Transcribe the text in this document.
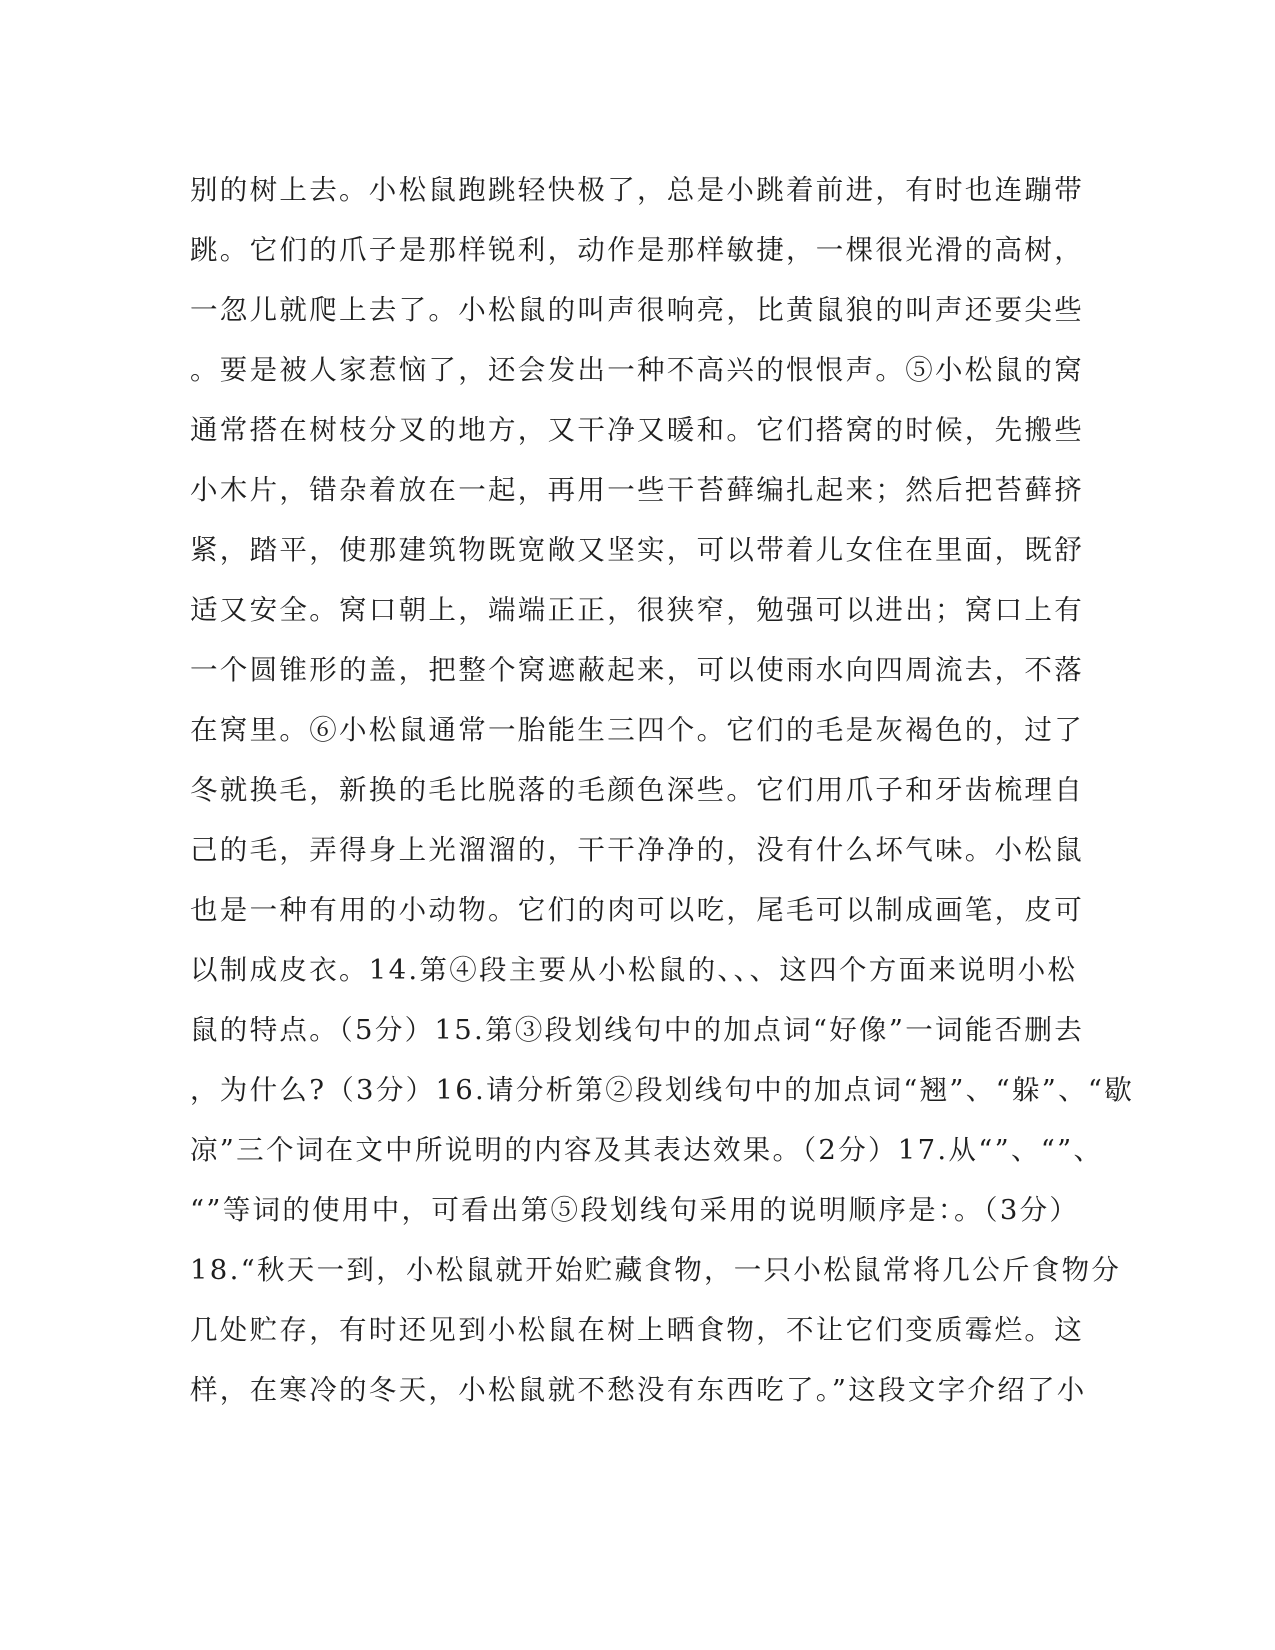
别的树上去。小松鼠跑跳轻快极了，总是小跳着前进，有时也连蹦带
跳。它们的爪子是那样锐利，动作是那样敏捷，一棵很光滑的高树，
一忽儿就爬上去了。小松鼠的叫声很响亮，比黄鼠狼的叫声还要尖些
。要是被人家惹恼了，还会发出一种不高兴的恨恨声。⑤小松鼠的窝
通常搭在树枝分叉的地方，又干净又暖和。它们搭窝的时候，先搬些
小木片，错杂着放在一起，再用一些干苔藓编扎起来；然后把苔藓挤
紧，踏平，使那建筑物既宽敞又坚实，可以带着儿女住在里面，既舒
适又安全。窝口朝上，端端正正，很狭窄，勉强可以进出；窝口上有
一个圆锥形的盖，把整个窝遮蔽起来，可以使雨水向四周流去，不落
在窝里。⑥小松鼠通常一胎能生三四个。它们的毛是灰褐色的，过了
冬就换毛，新换的毛比脱落的毛颜色深些。它们用爪子和牙齿梳理自
己的毛，弄得身上光溜溜的，干干净净的，没有什么坏气味。小松鼠
也是一种有用的小动物。它们的肉可以吃，尾毛可以制成画笔，皮可
以制成皮衣。14.第④段主要从小松鼠的、、、这四个方面来说明小松
鼠的特点。（5分）15.第③段划线句中的加点词“好像”一词能否删去
，为什么?（3分）16.请分析第②段划线句中的加点词“翘”、“躲”、“歇
凉”三个词在文中所说明的内容及其表达效果。（2分）17.从“”、“”、
“”等词的使用中，可看出第⑤段划线句采用的说明顺序是：。（3分）
18.“秋天一到，小松鼠就开始贮藏食物，一只小松鼠常将几公斤食物分
几处贮存，有时还见到小松鼠在树上晒食物，不让它们变质霉烂。这
样，在寒冷的冬天，小松鼠就不愁没有东西吃了。”这段文字介绍了小
